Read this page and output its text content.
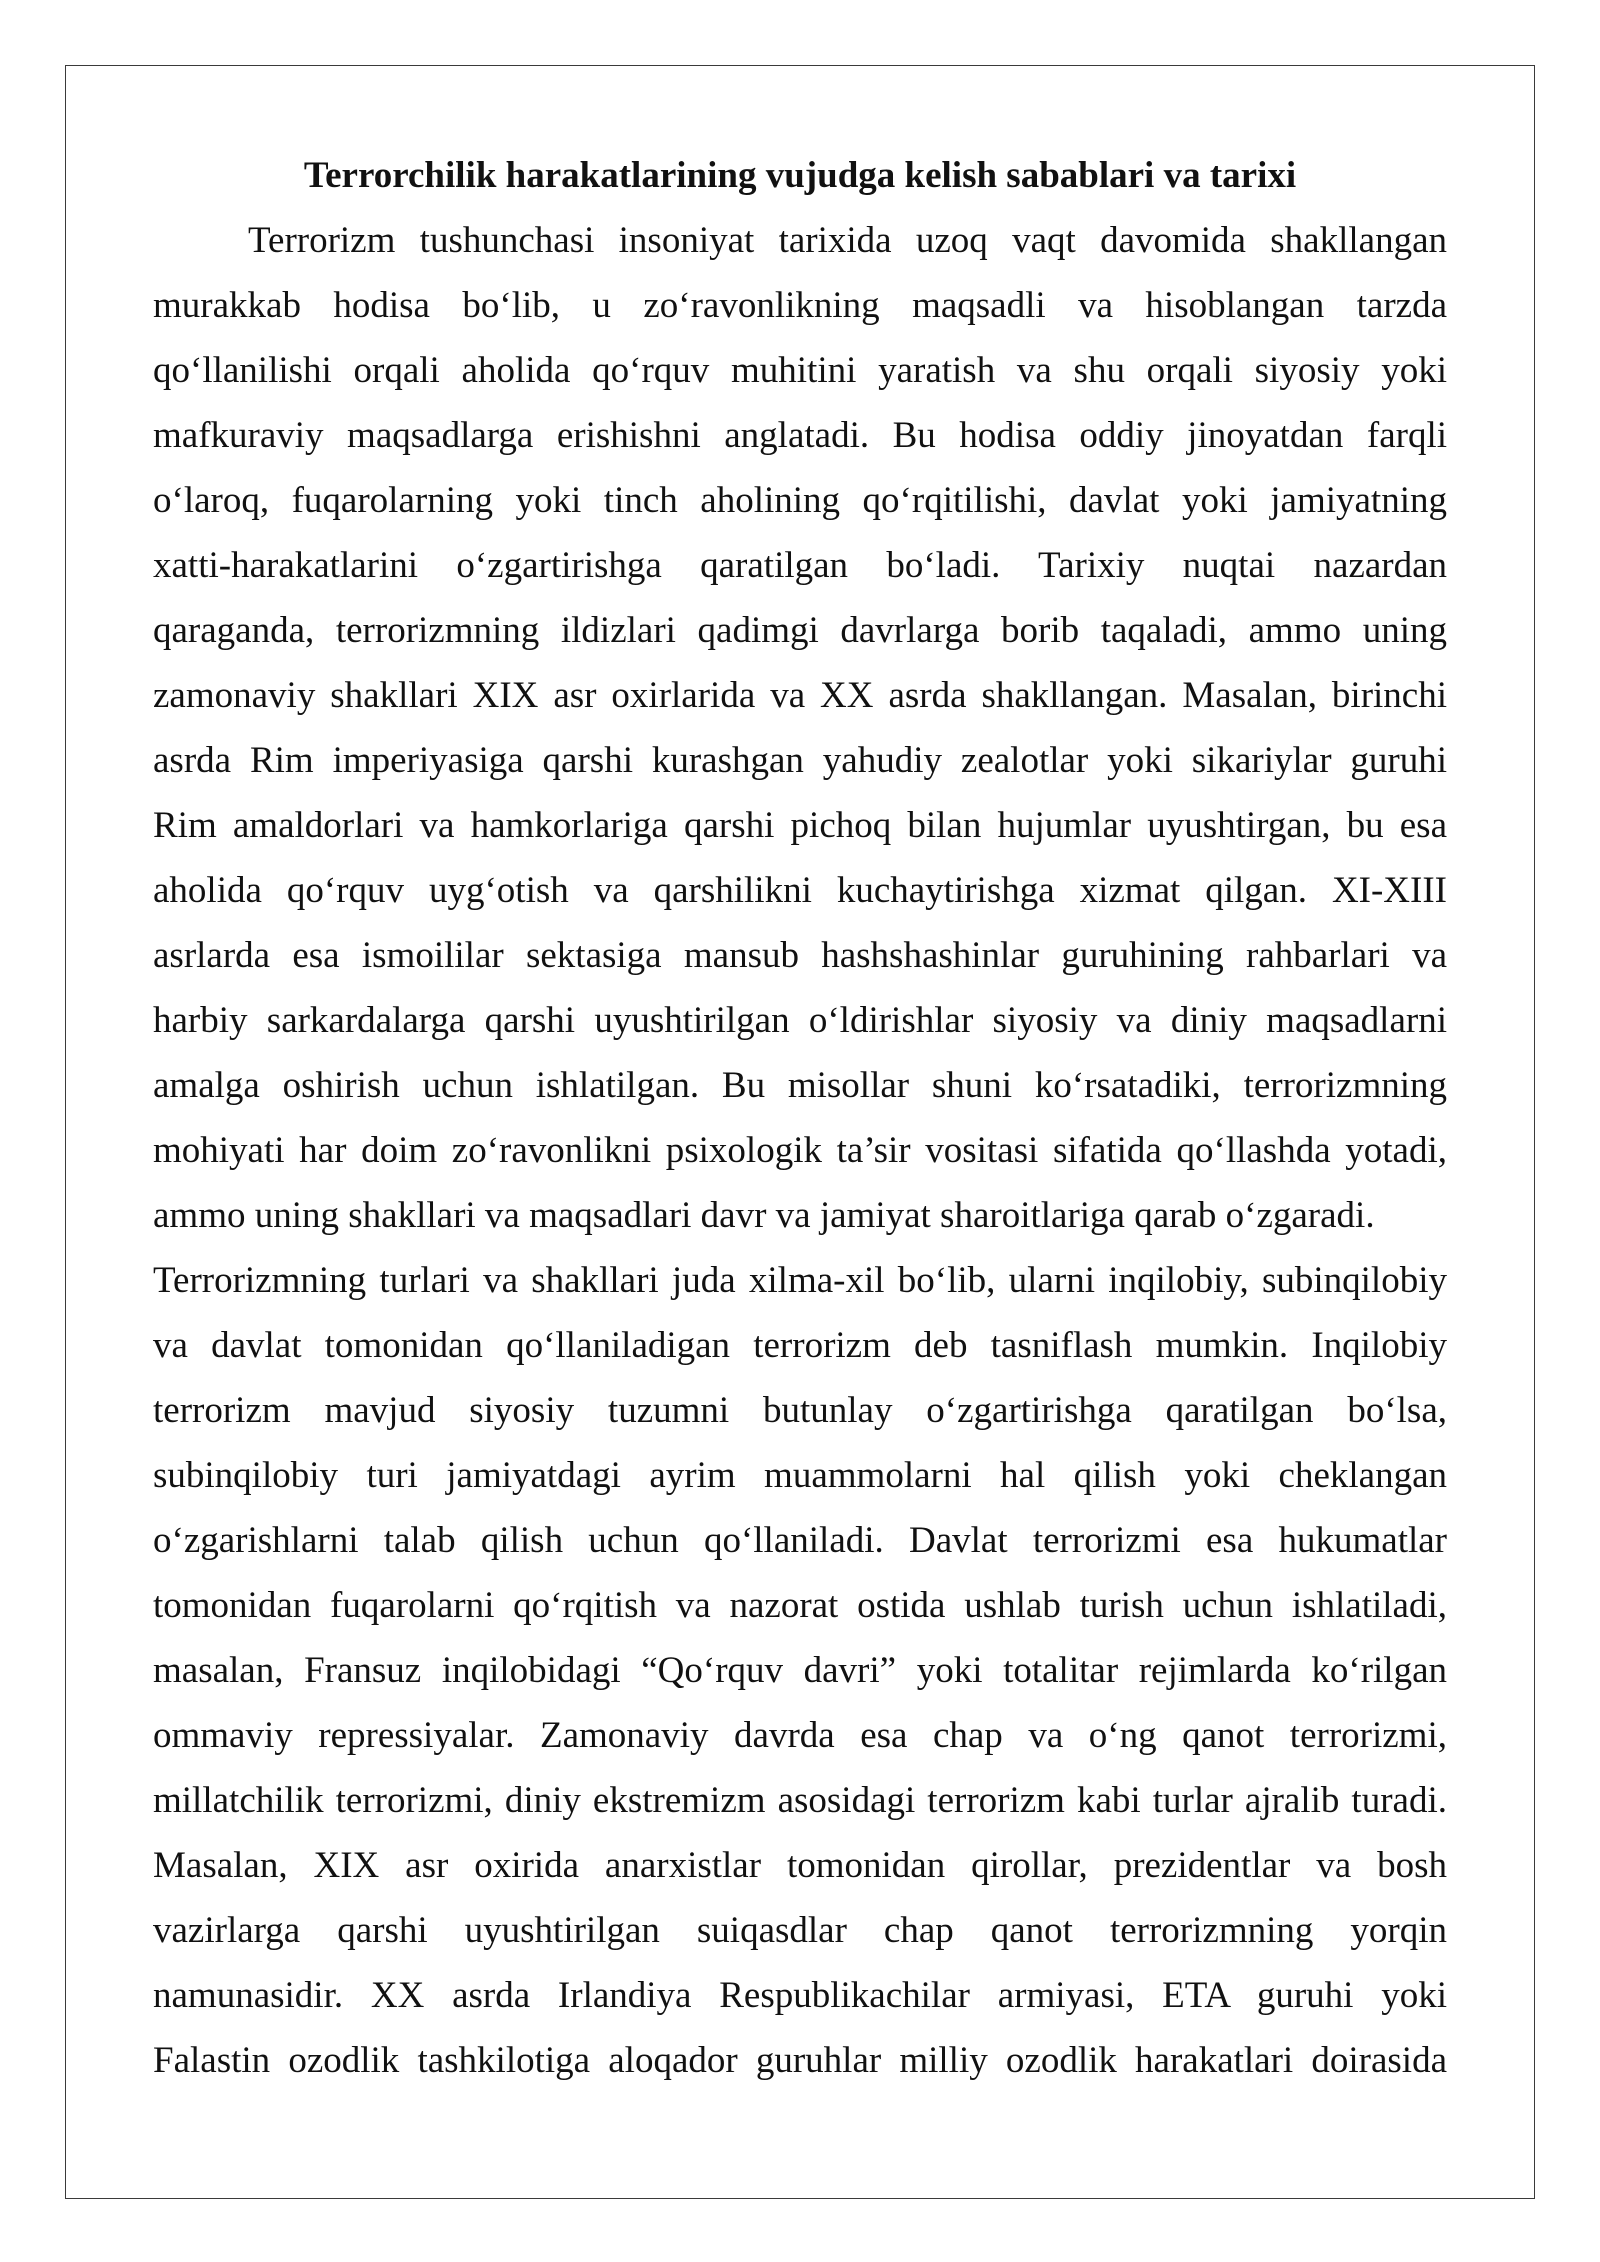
Terrorchilik harakatlarining vujudga kelish sabablari va tarixi
Terrorizm tushunchasi insoniyat tarixida uzoq vaqt davomida shakllangan
murakkab hodisa bo‘lib, u zo‘ravonlikning maqsadli va hisoblangan tarzda
qo‘llanilishi orqali aholida qo‘rquv muhitini yaratish va shu orqali siyosiy yoki
mafkuraviy maqsadlarga erishishni anglatadi. Bu hodisa oddiy jinoyatdan farqli
o‘laroq, fuqarolarning yoki tinch aholining qo‘rqitilishi, davlat yoki jamiyatning
xatti-harakatlarini o‘zgartirishga qaratilgan bo‘ladi. Tarixiy nuqtai nazardan
qaraganda, terrorizmning ildizlari qadimgi davrlarga borib taqaladi, ammo uning
zamonaviy shakllari XIX asr oxirlarida va XX asrda shakllangan. Masalan, birinchi
asrda Rim imperiyasiga qarshi kurashgan yahudiy zealotlar yoki sikariylar guruhi
Rim amaldorlari va hamkorlariga qarshi pichoq bilan hujumlar uyushtirgan, bu esa
aholida qo‘rquv uyg‘otish va qarshilikni kuchaytirishga xizmat qilgan. XI-XIII
asrlarda esa ismoililar sektasiga mansub hashshashinlar guruhining rahbarlari va
harbiy sarkardalarga qarshi uyushtirilgan o‘ldirishlar siyosiy va diniy maqsadlarni
amalga oshirish uchun ishlatilgan. Bu misollar shuni ko‘rsatadiki, terrorizmning
mohiyati har doim zo‘ravonlikni psixologik ta’sir vositasi sifatida qo‘llashda yotadi,
ammo uning shakllari va maqsadlari davr va jamiyat sharoitlariga qarab o‘zgaradi.
Terrorizmning turlari va shakllari juda xilma-xil bo‘lib, ularni inqilobiy, subinqilobiy
va davlat tomonidan qo‘llaniladigan terrorizm deb tasniflash mumkin. Inqilobiy
terrorizm mavjud siyosiy tuzumni butunlay o‘zgartirishga qaratilgan bo‘lsa,
subinqilobiy turi jamiyatdagi ayrim muammolarni hal qilish yoki cheklangan
o‘zgarishlarni talab qilish uchun qo‘llaniladi. Davlat terrorizmi esa hukumatlar
tomonidan fuqarolarni qo‘rqitish va nazorat ostida ushlab turish uchun ishlatiladi,
masalan, Fransuz inqilobidagi “Qo‘rquv davri” yoki totalitar rejimlarda ko‘rilgan
ommaviy repressiyalar. Zamonaviy davrda esa chap va o‘ng qanot terrorizmi,
millatchilik terrorizmi, diniy ekstremizm asosidagi terrorizm kabi turlar ajralib turadi.
Masalan, XIX asr oxirida anarxistlar tomonidan qirollar, prezidentlar va bosh
vazirlarga qarshi uyushtirilgan suiqasdlar chap qanot terrorizmning yorqin
namunasidir. XX asrda Irlandiya Respublikachilar armiyasi, ETA guruhi yoki
Falastin ozodlik tashkilotiga aloqador guruhlar milliy ozodlik harakatlari doirasida
